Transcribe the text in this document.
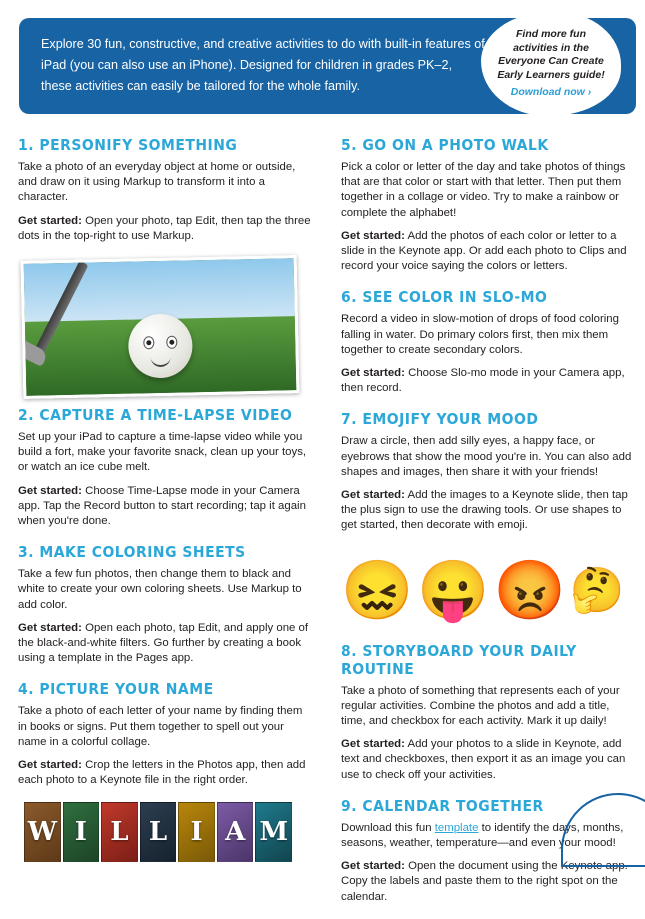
Explore 30 fun, constructive, and creative activities to do with built-in features of iPad (you can also use an iPhone). Designed for children in grades PK–2, these activities can easily be tailored for the whole family.

Find more fun activities in the Everyone Can Create Early Learners guide!
Download now ›
1. PERSONIFY SOMETHING

Take a photo of an everyday object at home or outside, and draw on it using Markup to transform it into a character.

Get started: Open your photo, tap Edit, then tap the three dots in the top-right to use Markup.

2. CAPTURE A TIME-LAPSE VIDEO

Set up your iPad to capture a time-lapse video while you build a fort, make your favorite snack, clean up your toys, or watch an ice cube melt.

Get started: Choose Time-Lapse mode in your Camera app. Tap the Record button to start recording; tap it again when you're done.

3. MAKE COLORING SHEETS

Take a few fun photos, then change them to black and white to create your own coloring sheets. Use Markup to add color.

Get started: Open each photo, tap Edit, and apply one of the black-and-white filters. Go further by creating a book using a template in the Pages app.

4. PICTURE YOUR NAME

Take a photo of each letter of your name by finding them in books or signs. Put them together to spell out your name in a colorful collage.

Get started: Crop the letters in the Photos app, then add each photo to a Keynote file in the right order.

W I L L I A M
5. GO ON A PHOTO WALK

Pick a color or letter of the day and take photos of things that are that color or start with that letter. Then put them together in a collage or video. Try to make a rainbow or complete the alphabet!

Get started: Add the photos of each color or letter to a slide in the Keynote app. Or add each photo to Clips and record your voice saying the colors or letters.

6. SEE COLOR IN SLO-MO

Record a video in slow-motion of drops of food coloring falling in water. Do primary colors first, then mix them together to create secondary colors.

Get started: Choose Slo-mo mode in your Camera app, then record.

7. EMOJIFY YOUR MOOD

Draw a circle, then add silly eyes, a happy face, or eyebrows that show the mood you're in. You can also add shapes and images, then share it with your friends!

Get started: Add the images to a Keynote slide, then tap the plus sign to use the drawing tools. Or use shapes to get started, then decorate with emoji.

😖 😛 😡 🤔
8. STORYBOARD YOUR DAILY ROUTINE

Take a photo of something that represents each of your regular activities. Combine the photos and add a title, time, and checkbox for each activity. Mark it up daily!

Get started: Add your photos to a slide in Keynote, add text and checkboxes, then export it as an image you can use to check off your activities.

9. CALENDAR TOGETHER

Download this fun template to identify the days, months, seasons, weather, temperature—and even your mood!

Get started: Open the document using the Keynote app. Copy the labels and paste them to the right spot on the calendar.
